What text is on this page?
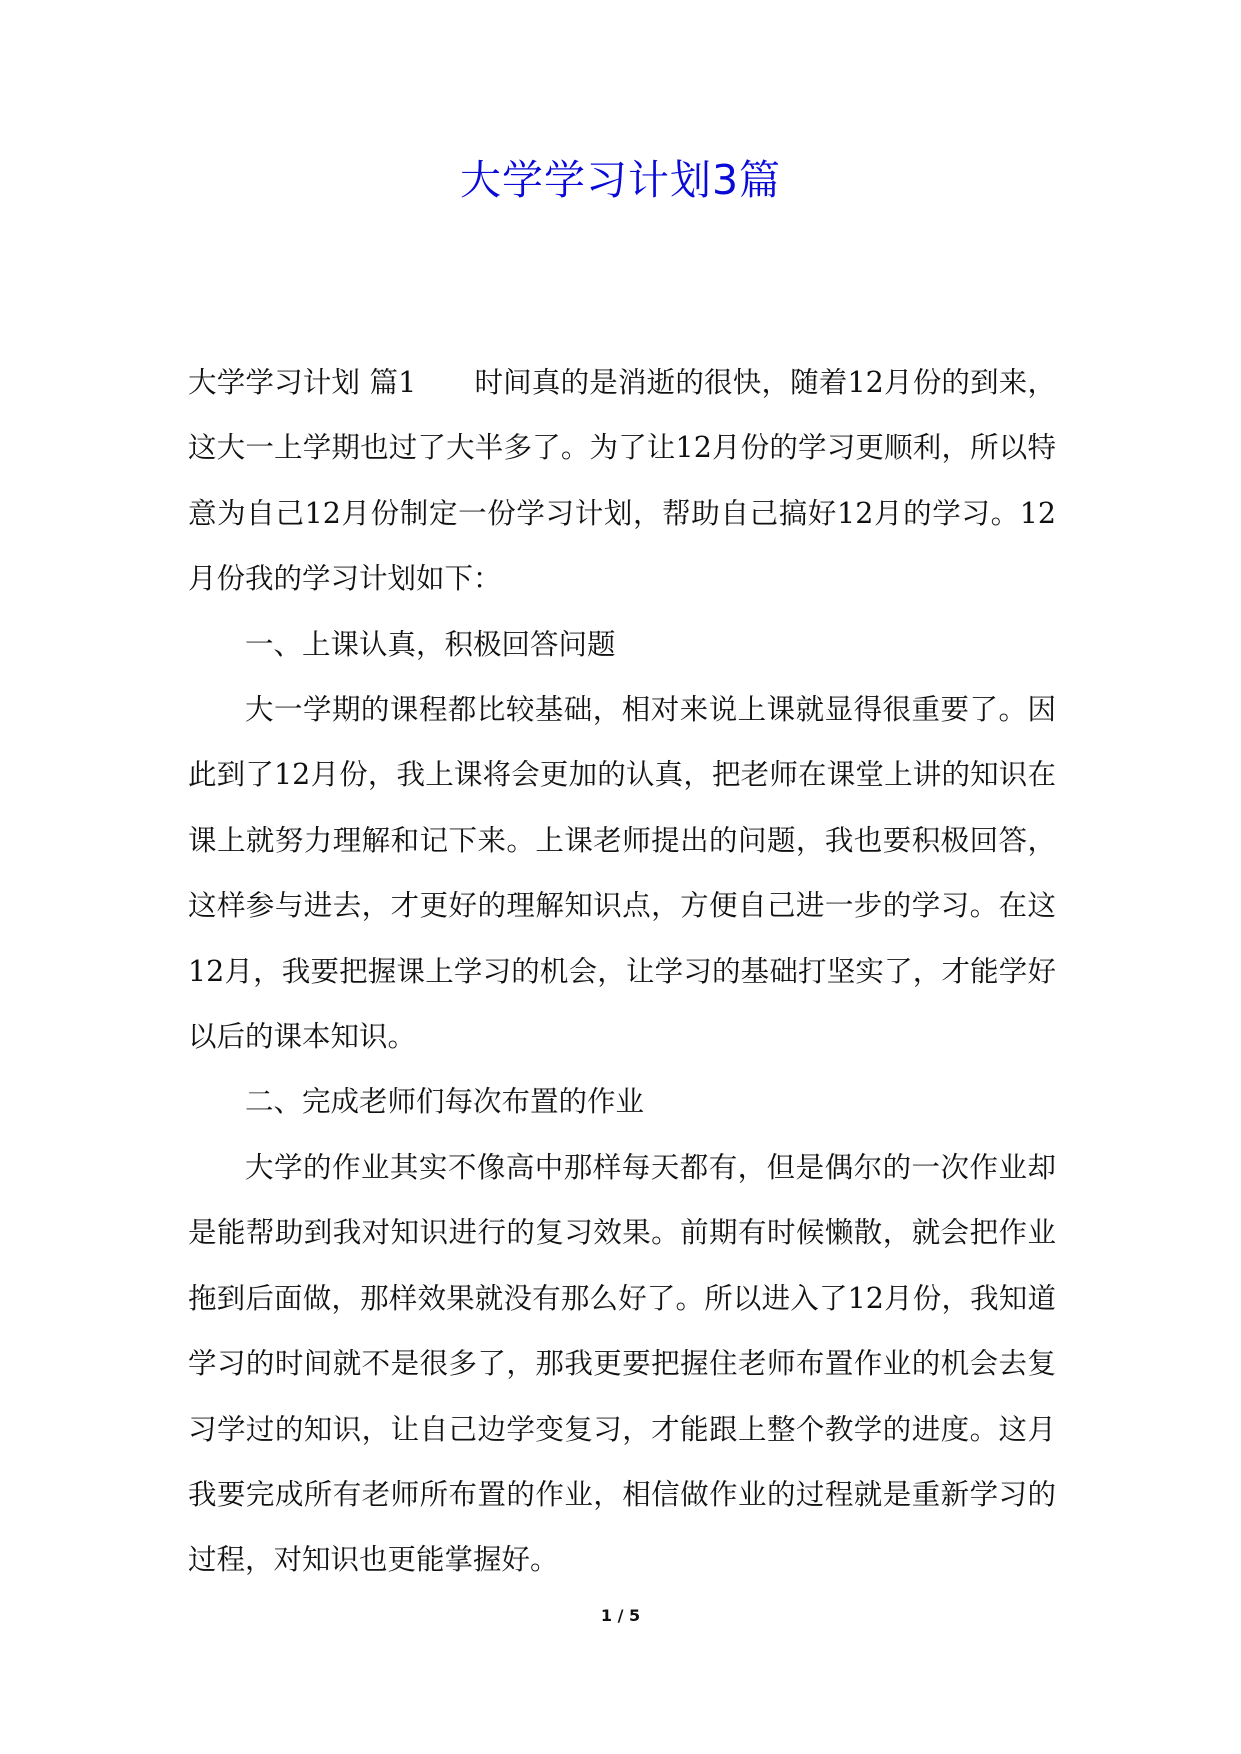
大学学习计划3篇

大学学习计划 篇1 时间真的是消逝的很快，随着12月份的到来，这大一上学期也过了大半多了。为了让12月份的学习更顺利，所以特意为自己12月份制定一份学习计划，帮助自己搞好12月的学习。12月份我的学习计划如下：

一、上课认真，积极回答问题

大一学期的课程都比较基础，相对来说上课就显得很重要了。因此到了12月份，我上课将会更加的认真，把老师在课堂上讲的知识在课上就努力理解和记下来。上课老师提出的问题，我也要积极回答，这样参与进去，才更好的理解知识点，方便自己进一步的学习。在这12月，我要把握课上学习的机会，让学习的基础打坚实了，才能学好以后的课本知识。

二、完成老师们每次布置的作业

大学的作业其实不像高中那样每天都有，但是偶尔的一次作业却是能帮助到我对知识进行的复习效果。前期有时候懒散，就会把作业拖到后面做，那样效果就没有那么好了。所以进入了12月份，我知道学习的时间就不是很多了，那我更要把握住老师布置作业的机会去复习学过的知识，让自己边学变复习，才能跟上整个教学的进度。这月我要完成所有老师所布置的作业，相信做作业的过程就是重新学习的过程，对知识也更能掌握好。

1 / 5
